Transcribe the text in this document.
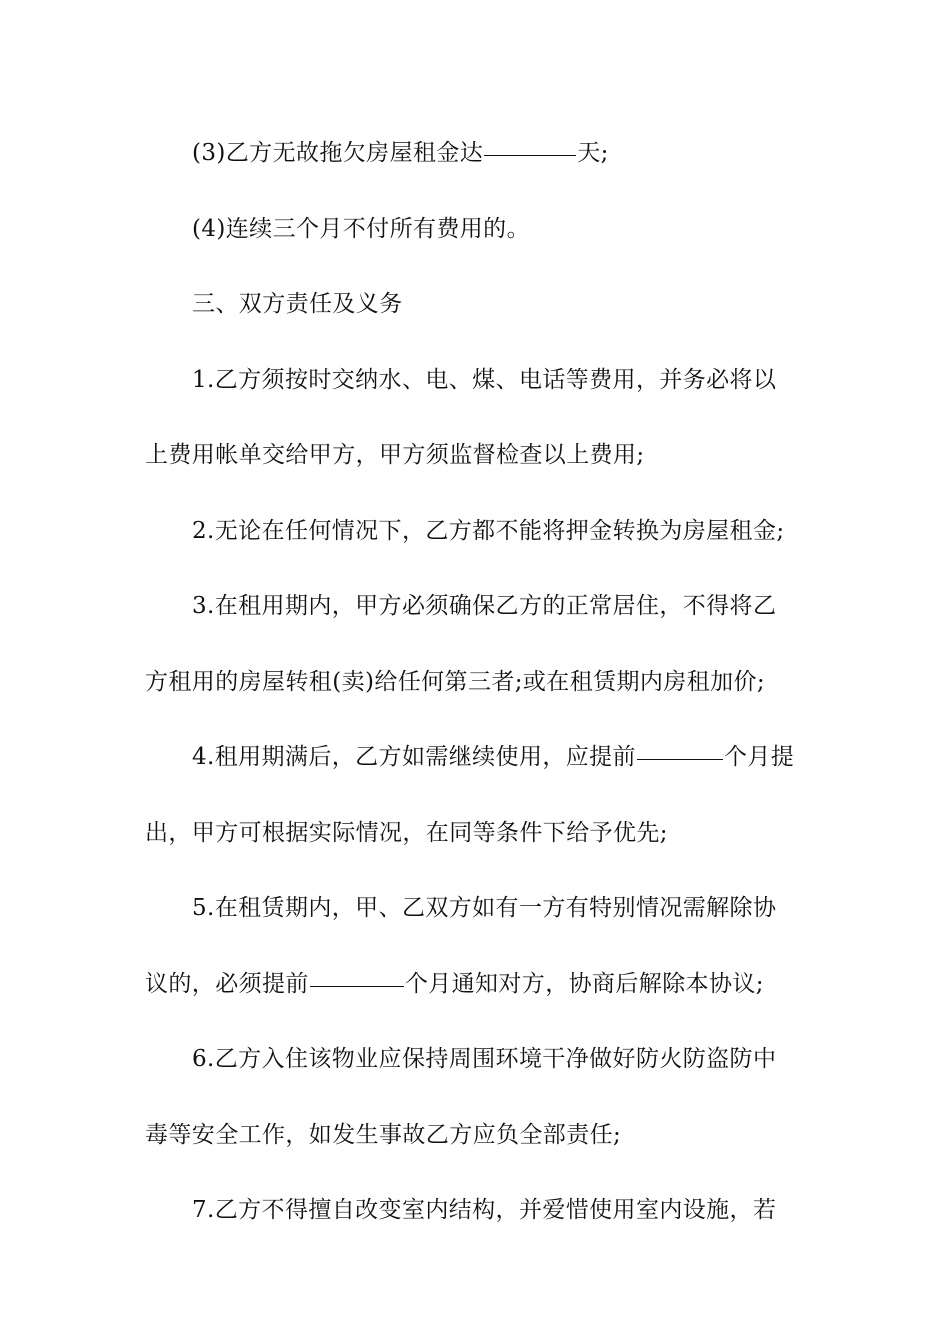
(3)乙方无故拖欠房屋租金达	天;
(4)连续三个月不付所有费用的。
三、双方责任及义务
1.乙方须按时交纳水、电、煤、电话等费用，并务必将以
上费用帐单交给甲方，甲方须监督检查以上费用;
2.无论在任何情况下，乙方都不能将押金转换为房屋租金;
3.在租用期内，甲方必须确保乙方的正常居住，不得将乙
方租用的房屋转租(卖)给任何第三者;或在租赁期内房租加价;
4.租用期满后，乙方如需继续使用，应提前	个月提
出，甲方可根据实际情况，在同等条件下给予优先;
5.在租赁期内，甲、乙双方如有一方有特别情况需解除协
议的，必须提前	个月通知对方，协商后解除本协议;
6.乙方入住该物业应保持周围环境干净做好防火防盗防中
毒等安全工作，如发生事故乙方应负全部责任;
7.乙方不得擅自改变室内结构，并爱惜使用室内设施，若
